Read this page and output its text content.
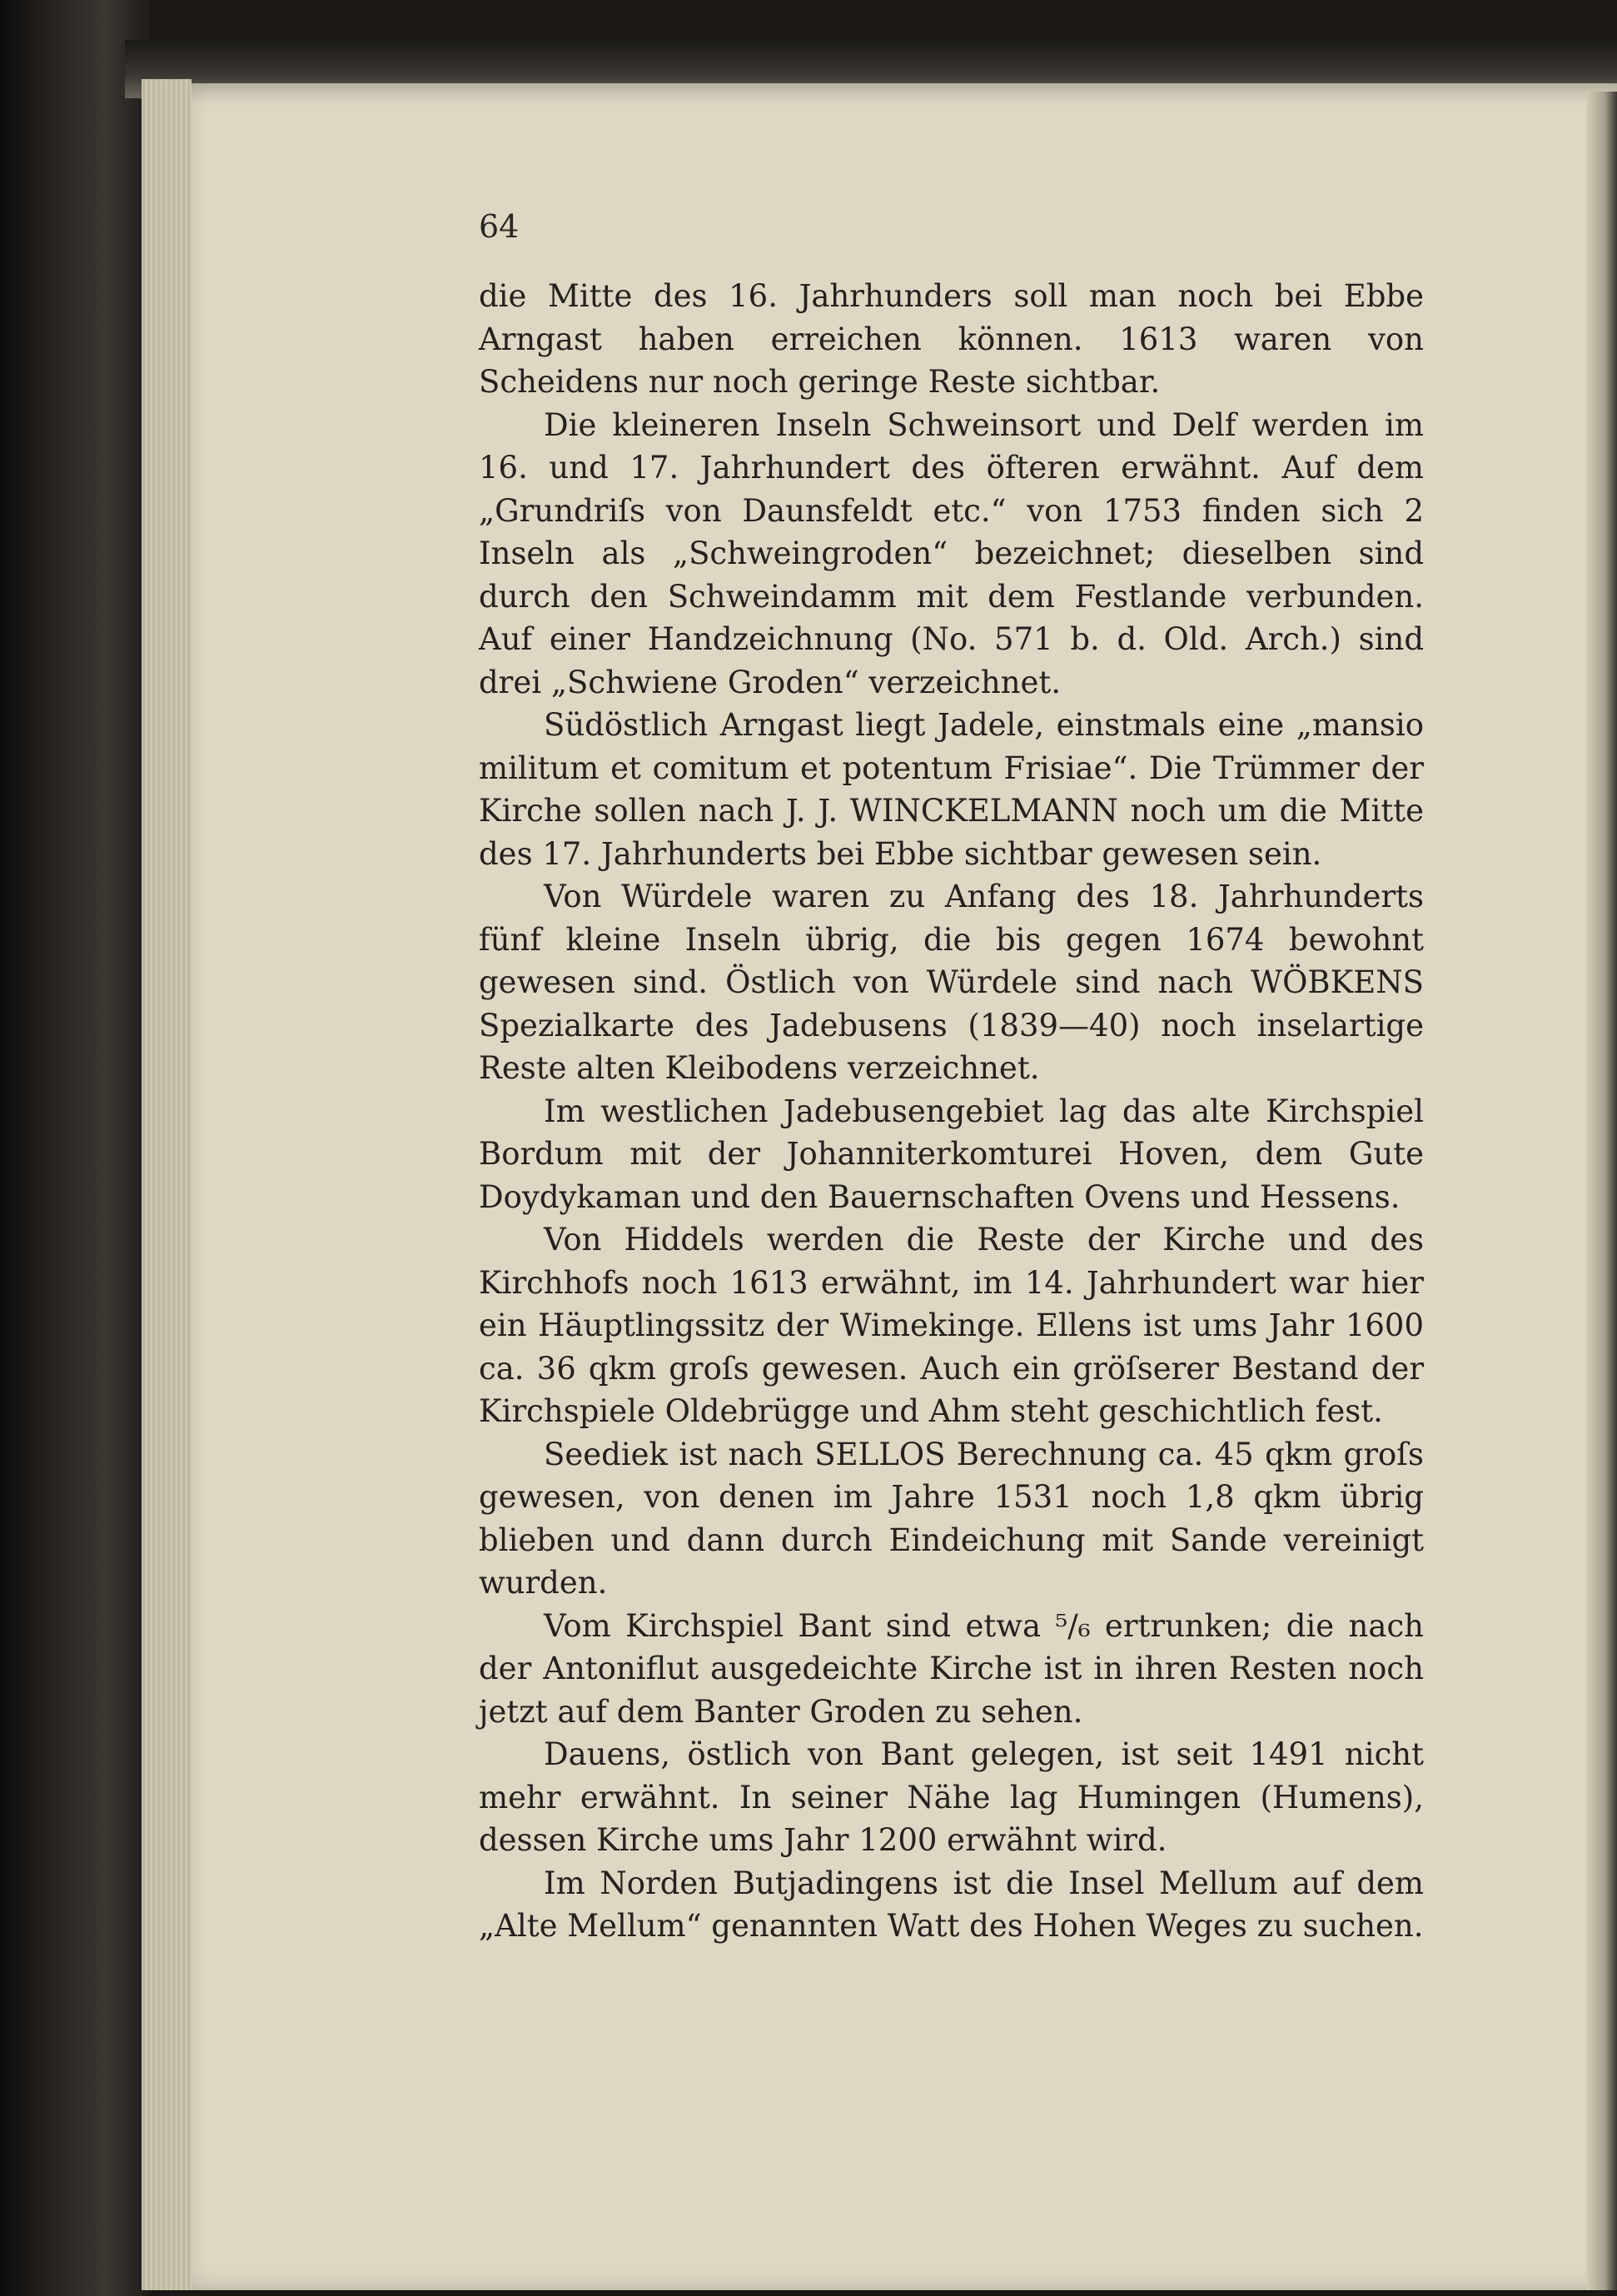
64

die Mitte des 16. Jahrhunders soll man noch bei Ebbe Arngast haben erreichen können. 1613 waren von Scheidens nur noch geringe Reste sichtbar.

Die kleineren Inseln Schweinsort und Delf werden im 16. und 17. Jahrhundert des öfteren erwähnt. Auf dem „Grundriſs von Daunsfeldt etc.“ von 1753 finden sich 2 Inseln als „Schweingroden“ bezeichnet; dieselben sind durch den Schweindamm mit dem Festlande verbunden. Auf einer Handzeichnung (No. 571 b. d. Old. Arch.) sind drei „Schwiene Groden“ verzeichnet.

Südöstlich Arngast liegt Jadele, einstmals eine „mansio militum et comitum et potentum Frisiae“. Die Trümmer der Kirche sollen nach J. J. WINCKELMANN noch um die Mitte des 17. Jahrhunderts bei Ebbe sichtbar gewesen sein.

Von Würdele waren zu Anfang des 18. Jahrhunderts fünf kleine Inseln übrig, die bis gegen 1674 bewohnt gewesen sind. Östlich von Würdele sind nach WÖBKENS Spezialkarte des Jadebusens (1839—40) noch inselartige Reste alten Kleibodens verzeichnet.

Im westlichen Jadebusengebiet lag das alte Kirchspiel Bordum mit der Johanniterkomturei Hoven, dem Gute Doydykaman und den Bauernschaften Ovens und Hessens.

Von Hiddels werden die Reste der Kirche und des Kirchhofs noch 1613 erwähnt, im 14. Jahrhundert war hier ein Häuptlingssitz der Wimekinge. Ellens ist ums Jahr 1600 ca. 36 qkm groſs gewesen. Auch ein gröſserer Bestand der Kirchspiele Oldebrügge und Ahm steht geschichtlich fest.

Seediek ist nach SELLOS Berechnung ca. 45 qkm groſs gewesen, von denen im Jahre 1531 noch 1,8 qkm übrig blieben und dann durch Eindeichung mit Sande vereinigt wurden.

Vom Kirchspiel Bant sind etwa ⁵/₆ ertrunken; die nach der Antoniflut ausgedeichte Kirche ist in ihren Resten noch jetzt auf dem Banter Groden zu sehen.

Dauens, östlich von Bant gelegen, ist seit 1491 nicht mehr erwähnt. In seiner Nähe lag Humingen (Humens), dessen Kirche ums Jahr 1200 erwähnt wird.

Im Norden Butjadingens ist die Insel Mellum auf dem „Alte Mellum“ genannten Watt des Hohen Weges zu suchen.
